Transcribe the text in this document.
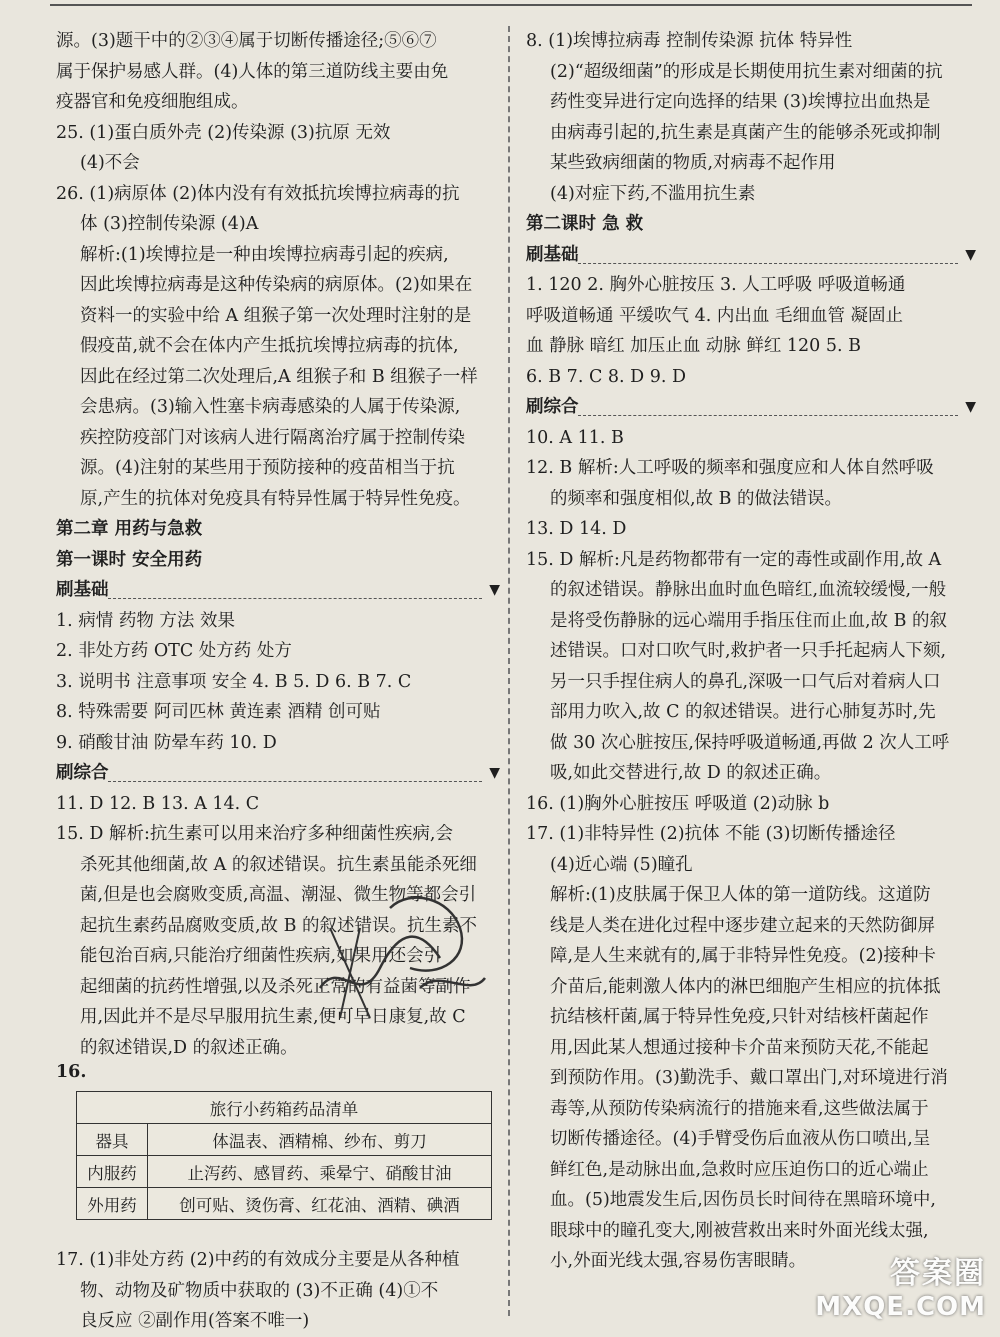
源。(3)题干中的②③④属于切断传播途径;⑤⑥⑦
属于保护易感人群。(4)人体的第三道防线主要由免
疫器官和免疫细胞组成。
25. (1)蛋白质外壳 (2)传染源 (3)抗原 无效
(4)不会
26. (1)病原体 (2)体内没有有效抵抗埃博拉病毒的抗
体 (3)控制传染源 (4)A
解析:(1)埃博拉是一种由埃博拉病毒引起的疾病,
因此埃博拉病毒是这种传染病的病原体。(2)如果在
资料一的实验中给 A 组猴子第一次处理时注射的是
假疫苗,就不会在体内产生抵抗埃博拉病毒的抗体,
因此在经过第二次处理后,A 组猴子和 B 组猴子一样
会患病。(3)输入性塞卡病毒感染的人属于传染源,
疾控防疫部门对该病人进行隔离治疗属于控制传染
源。(4)注射的某些用于预防接种的疫苗相当于抗
原,产生的抗体对免疫具有特异性属于特异性免疫。
第二章 用药与急救
第一课时 安全用药
刷基础	▼
1. 病情 药物 方法 效果
2. 非处方药 OTC 处方药 处方
3. 说明书 注意事项 安全 4. B 5. D 6. B 7. C
8. 特殊需要 阿司匹林 黄连素 酒精 创可贴
9. 硝酸甘油 防晕车药 10. D
刷综合	▼
11. D 12. B 13. A 14. C
15. D 解析:抗生素可以用来治疗多种细菌性疾病,会
杀死其他细菌,故 A 的叙述错误。抗生素虽能杀死细
菌,但是也会腐败变质,高温、潮湿、微生物等都会引
起抗生素药品腐败变质,故 B 的叙述错误。抗生素不
能包治百病,只能治疗细菌性疾病,如果用还会引
起细菌的抗药性增强,以及杀死正常的有益菌等副作
用,因此并不是尽早服用抗生素,便可早日康复,故 C
的叙述错误,D 的叙述正确。
16.
旅行小药箱药品清单	
器具	体温表、酒精棉、纱布、剪刀
内服药	止泻药、感冒药、乘晕宁、硝酸甘油
外用药	创可贴、烫伤膏、红花油、酒精、碘酒
17. (1)非处方药 (2)中药的有效成分主要是从各种植
物、动物及矿物质中获取的 (3)不正确 (4)①不
良反应 ②副作用(答案不唯一)
8. (1)埃博拉病毒 控制传染源 抗体 特异性
(2)“超级细菌”的形成是长期使用抗生素对细菌的抗
药性变异进行定向选择的结果 (3)埃博拉出血热是
由病毒引起的,抗生素是真菌产生的能够杀死或抑制
某些致病细菌的物质,对病毒不起作用
(4)对症下药,不滥用抗生素
第二课时 急 救
刷基础	▼
1. 120 2. 胸外心脏按压 3. 人工呼吸 呼吸道畅通
呼吸道畅通 平缓吹气 4. 内出血 毛细血管 凝固止
血 静脉 暗红 加压止血 动脉 鲜红 120 5. B
6. B 7. C 8. D 9. D
刷综合	▼
10. A 11. B
12. B 解析:人工呼吸的频率和强度应和人体自然呼吸
的频率和强度相似,故 B 的做法错误。
13. D 14. D
15. D 解析:凡是药物都带有一定的毒性或副作用,故 A
的叙述错误。静脉出血时血色暗红,血流较缓慢,一般
是将受伤静脉的远心端用手指压住而止血,故 B 的叙
述错误。口对口吹气时,救护者一只手托起病人下颏,
另一只手捏住病人的鼻孔,深吸一口气后对着病人口
部用力吹入,故 C 的叙述错误。进行心肺复苏时,先
做 30 次心脏按压,保持呼吸道畅通,再做 2 次人工呼
吸,如此交替进行,故 D 的叙述正确。
16. (1)胸外心脏按压 呼吸道 (2)动脉 b
17. (1)非特异性 (2)抗体 不能 (3)切断传播途径
(4)近心端 (5)瞳孔
解析:(1)皮肤属于保卫人体的第一道防线。这道防
线是人类在进化过程中逐步建立起来的天然防御屏
障,是人生来就有的,属于非特异性免疫。(2)接种卡
介苗后,能刺激人体内的淋巴细胞产生相应的抗体抵
抗结核杆菌,属于特异性免疫,只针对结核杆菌起作
用,因此某人想通过接种卡介苗来预防天花,不能起
到预防作用。(3)勤洗手、戴口罩出门,对环境进行消
毒等,从预防传染病流行的措施来看,这些做法属于
切断传播途径。(4)手臂受伤后血液从伤口喷出,呈
鲜红色,是动脉出血,急救时应压迫伤口的近心端止
血。(5)地震发生后,因伤员长时间待在黑暗环境中,
眼球中的瞳孔变大,刚被营救出来时外面光线太强,
小,外面光线太强,容易伤害眼睛。	答案圈
MXQE.COM
